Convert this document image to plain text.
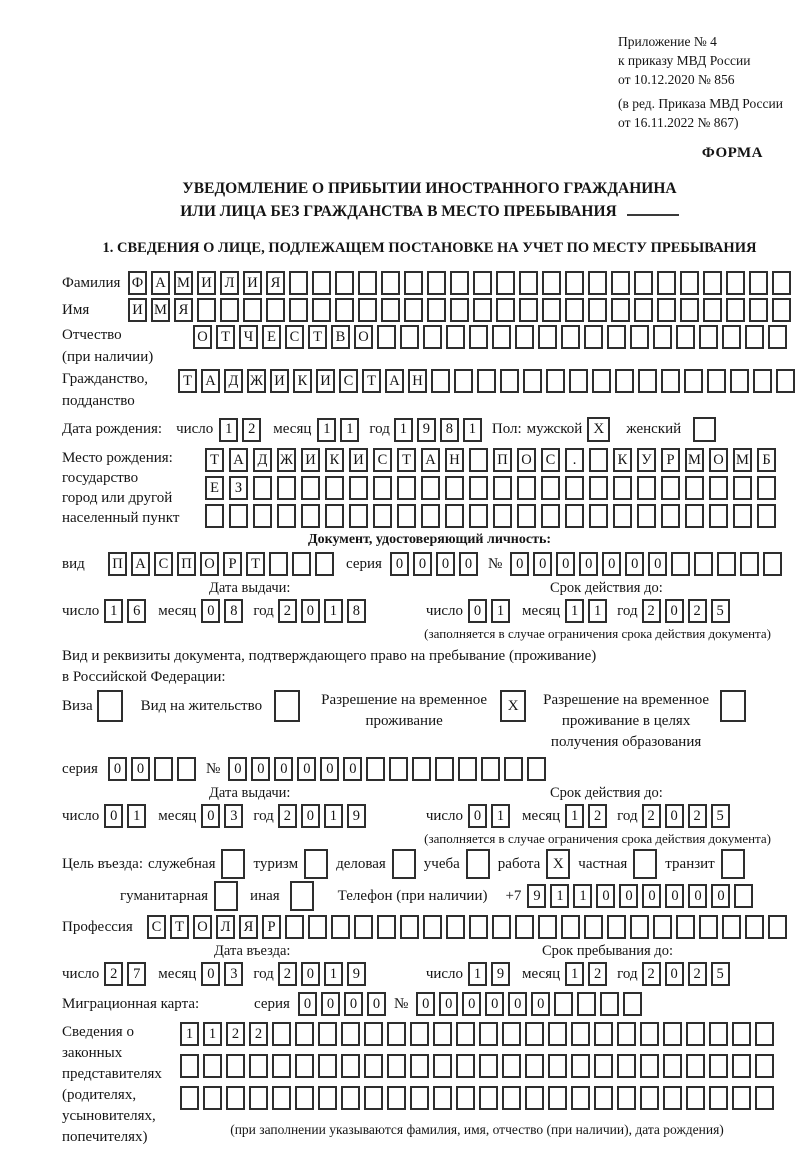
Приложение № 4
к приказу МВД России
от 10.12.2020 № 856
(в ред. Приказа МВД России
от 16.11.2022 № 867)
ФОРМА
УВЕДОМЛЕНИЕ О ПРИБЫТИИ ИНОСТРАННОГО ГРАЖДАНИНА
ИЛИ ЛИЦА БЕЗ ГРАЖДАНСТВА В МЕСТО ПРЕБЫВАНИЯ
1. СВЕДЕНИЯ О ЛИЦЕ, ПОДЛЕЖАЩЕМ ПОСТАНОВКЕ НА УЧЕТ ПО МЕСТУ ПРЕБЫВАНИЯ
Фамилия Ф А М И Л И Я
Имя	И М Я
Отчество
(при наличии)
О Т Ч Е С Т В О
Гражданство,
подданство
Т А Д Ж И К И С Т А Н
Дата рождения: число 1	2	месяц 1	1	год 1	9	8	1	Пол: мужской X	женский
Место рождения:
государство
город или другой
населенный пункт
Т А Д Ж И К И С	Т А Н	П О С	.	К У	Р М О М Б
Е	З
Документ, удостоверяющий личность:
вид	П А С П О Р	Т	серия 0	0	0	0	№ 0	0	0	0	0	0	0
Дата выдачи:	Срок действия до:
число 1	6	месяц 0	8	год 2	0	1	8	число 0	1	месяц 1	1	год 2	0	2	5
(заполняется в случае ограничения срока действия документа)
Вид и реквизиты документа, подтверждающего право на пребывание (проживание)
в Российской Федерации:
Виза	Вид на жительство	Разрешение на временное
проживание
X	Разрешение на временное
проживание в целях
получения образования
серия	0	0	№ 0	0	0	0	0	0
Дата выдачи:	Срок действия до:
число 0	1	месяц 0	3	год 2	0	1	9	число 0	1	месяц 1	2	год 2	0	2	5
(заполняется в случае ограничения срока действия документа)
Цель въезда: служебная	туризм	деловая	учеба	работа X частная	транзит
гуманитарная	иная	Телефон (при наличии) +7 9	1	1	0	0	0	0	0	0
Профессия	С Т О Л Я Р
Дата въезда:	Срок пребывания до:
число 2	7	месяц 0	3	год 2	0	1	9	число 1	9	месяц 1	2	год 2	0	2	5
Миграционная карта:	серия 0	0	0	0 № 0	0	0	0	0	0
Сведения о
законных
представителях
(родителях,
усыновителях,
попечителях)
1	1	2	2
(при заполнении указываются фамилия, имя, отчество (при наличии), дата рождения)
